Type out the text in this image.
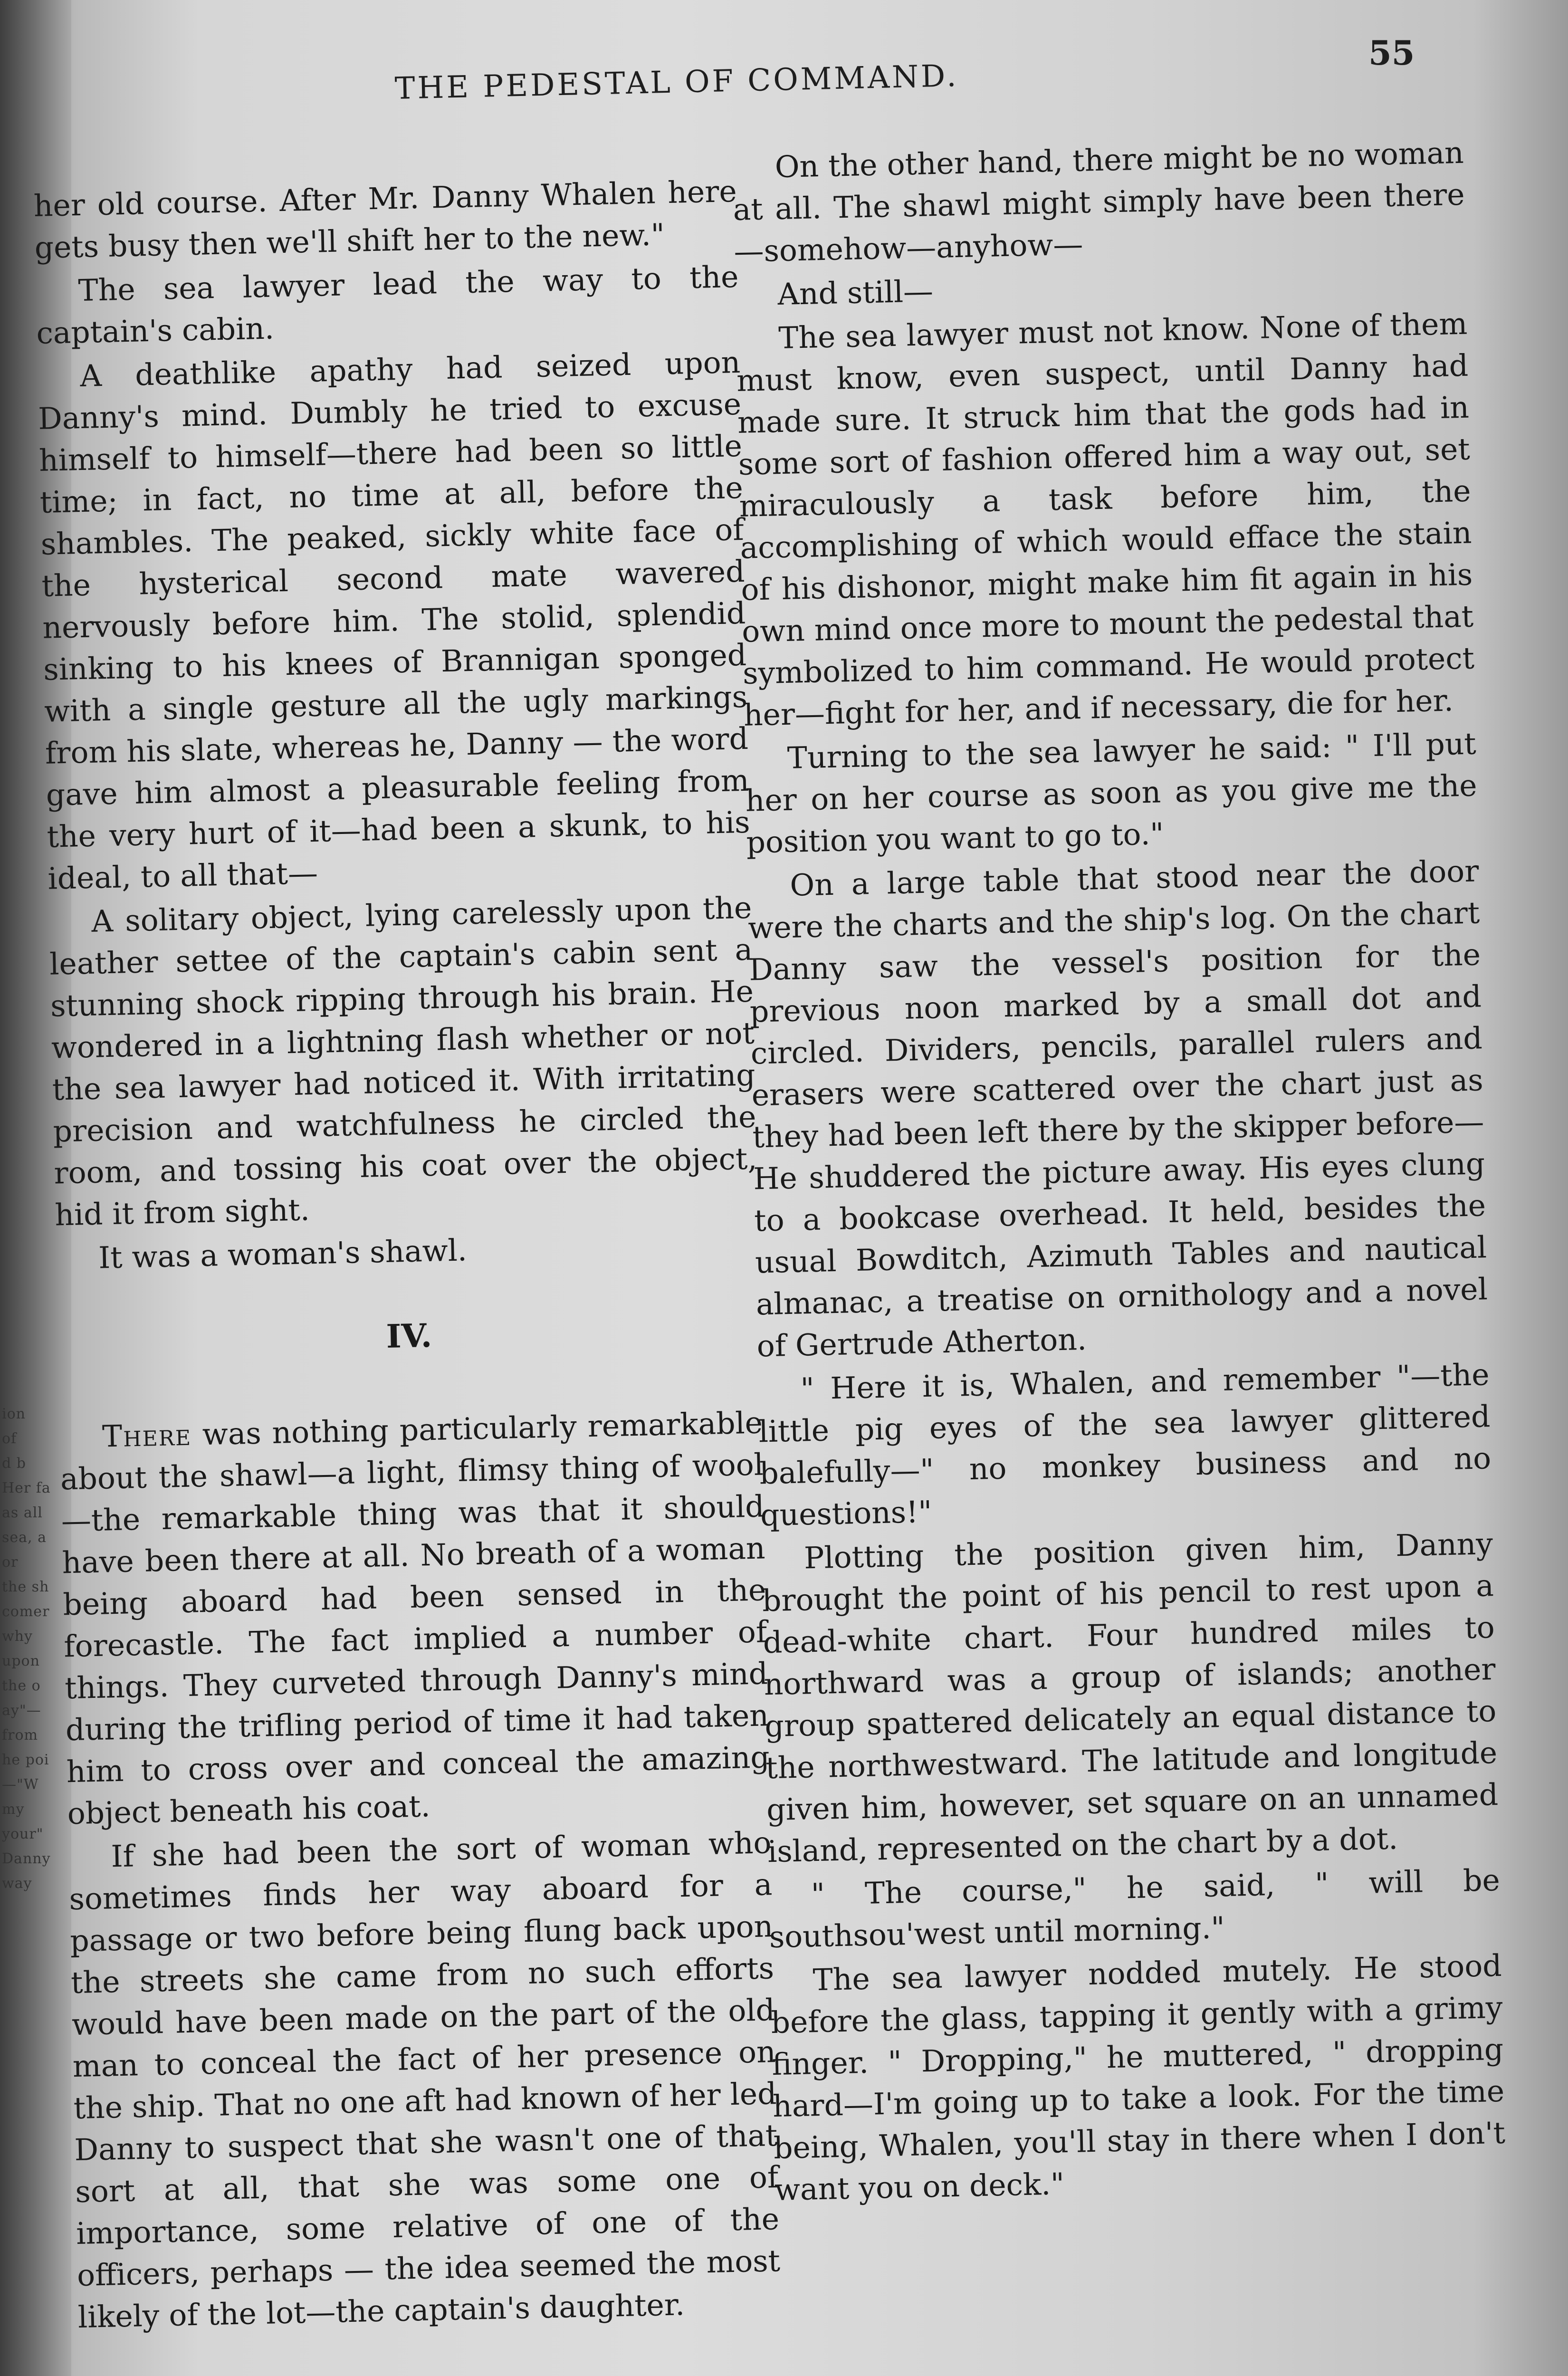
ion
of
d b
Her fa
as all
sea, a
or
the sh
comer
why
upon
the o
ay"—
from
he poi
—"W
my
your"
Danny
way
THE PEDESTAL OF COMMAND.
55

her old course. After Mr. Danny Whalen here gets busy then we'll shift her to the new."

The sea lawyer lead the way to the captain's cabin.

A deathlike apathy had seized upon Danny's mind. Dumbly he tried to excuse himself to himself—there had been so little time; in fact, no time at all, before the shambles. The peaked, sickly white face of the hysterical second mate wavered nervously before him. The stolid, splendid sinking to his knees of Brannigan sponged with a single gesture all the ugly markings from his slate, whereas he, Danny — the word gave him almost a pleasurable feeling from the very hurt of it—had been a skunk, to his ideal, to all that—

A solitary object, lying carelessly upon the leather settee of the captain's cabin sent a stunning shock ripping through his brain. He wondered in a lightning flash whether or not the sea lawyer had noticed it. With irritating precision and watchfulness he circled the room, and tossing his coat over the object, hid it from sight.

It was a woman's shawl.

IV.

There was nothing particularly remarkable about the shawl—a light, flimsy thing of wool—the remarkable thing was that it should have been there at all. No breath of a woman being aboard had been sensed in the forecastle. The fact implied a number of things. They curveted through Danny's mind during the trifling period of time it had taken him to cross over and conceal the amazing object beneath his coat.

If she had been the sort of woman who sometimes finds her way aboard for a passage or two before being flung back upon the streets she came from no such efforts would have been made on the part of the old man to conceal the fact of her presence on the ship. That no one aft had known of her led Danny to suspect that she wasn't one of that sort at all, that she was some one of importance, some relative of one of the officers, perhaps — the idea seemed the most likely of the lot—the captain's daughter.

On the other hand, there might be no woman at all. The shawl might simply have been there—somehow—anyhow—

And still—

The sea lawyer must not know. None of them must know, even suspect, until Danny had made sure. It struck him that the gods had in some sort of fashion offered him a way out, set miraculously a task before him, the accomplishing of which would efface the stain of his dishonor, might make him fit again in his own mind once more to mount the pedestal that symbolized to him command. He would protect her—fight for her, and if necessary, die for her.

Turning to the sea lawyer he said: " I'll put her on her course as soon as you give me the position you want to go to."

On a large table that stood near the door were the charts and the ship's log. On the chart Danny saw the vessel's position for the previous noon marked by a small dot and circled. Dividers, pencils, parallel rulers and erasers were scattered over the chart just as they had been left there by the skipper before— He shuddered the picture away. His eyes clung to a bookcase overhead. It held, besides the usual Bowditch, Azimuth Tables and nautical almanac, a treatise on ornithology and a novel of Gertrude Atherton.

" Here it is, Whalen, and remember "—the little pig eyes of the sea lawyer glittered balefully—" no monkey business and no questions!"

Plotting the position given him, Danny brought the point of his pencil to rest upon a dead-white chart. Four hundred miles to northward was a group of islands; another group spattered delicately an equal distance to the northwestward. The latitude and longitude given him, however, set square on an unnamed island, represented on the chart by a dot.

" The course," he said, " will be southsou'west until morning."

The sea lawyer nodded mutely. He stood before the glass, tapping it gently with a grimy finger. " Dropping," he muttered, " dropping hard—I'm going up to take a look. For the time being, Whalen, you'll stay in there when I don't want you on deck."
